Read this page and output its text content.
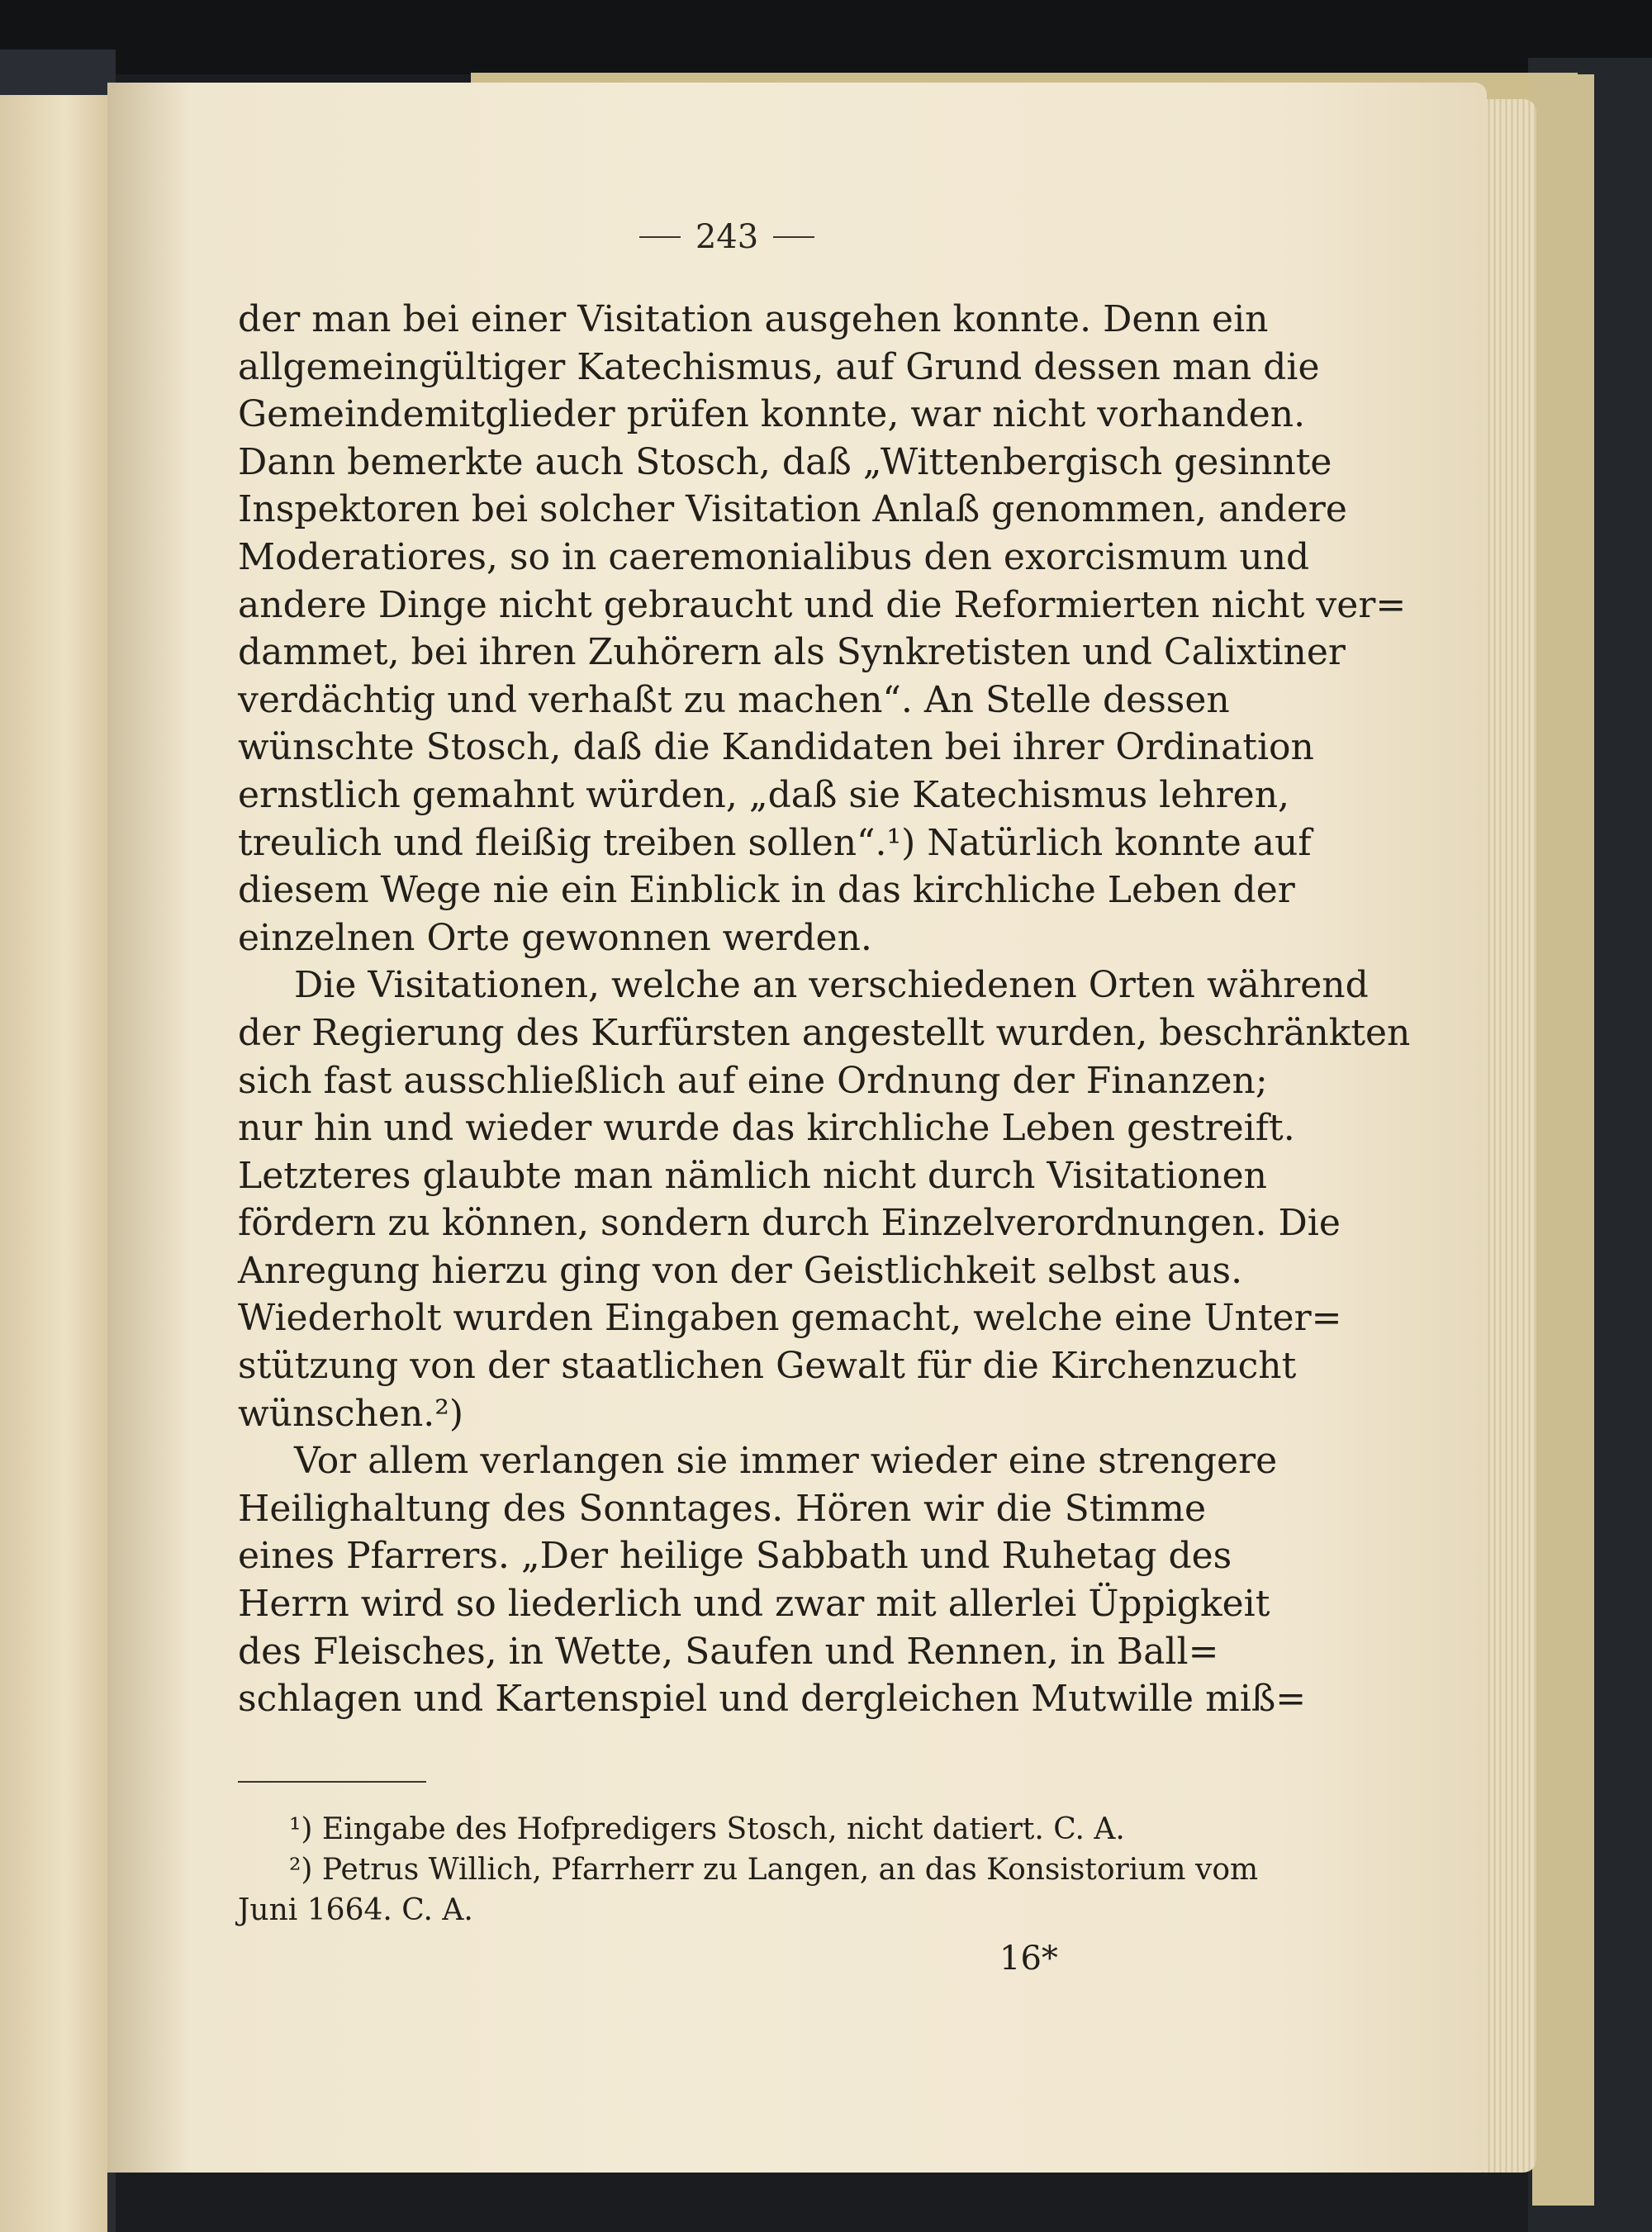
243
der man bei einer Visitation ausgehen konnte. Denn ein
allgemeingültiger Katechismus, auf Grund dessen man die
Gemeindemitglieder prüfen konnte, war nicht vorhanden.
Dann bemerkte auch Stosch, daß „Wittenbergisch gesinnte
Inspektoren bei solcher Visitation Anlaß genommen, andere
Moderatiores, so in caeremonialibus den exorcismum und
andere Dinge nicht gebraucht und die Reformierten nicht ver=
dammet, bei ihren Zuhörern als Synkretisten und Calixtiner
verdächtig und verhaßt zu machen“. An Stelle dessen
wünschte Stosch, daß die Kandidaten bei ihrer Ordination
ernstlich gemahnt würden, „daß sie Katechismus lehren,
treulich und fleißig treiben sollen“.¹) Natürlich konnte auf
diesem Wege nie ein Einblick in das kirchliche Leben der
einzelnen Orte gewonnen werden.
Die Visitationen, welche an verschiedenen Orten während
der Regierung des Kurfürsten angestellt wurden, beschränkten
sich fast ausschließlich auf eine Ordnung der Finanzen;
nur hin und wieder wurde das kirchliche Leben gestreift.
Letzteres glaubte man nämlich nicht durch Visitationen
fördern zu können, sondern durch Einzelverordnungen. Die
Anregung hierzu ging von der Geistlichkeit selbst aus.
Wiederholt wurden Eingaben gemacht, welche eine Unter=
stützung von der staatlichen Gewalt für die Kirchenzucht
wünschen.²)
Vor allem verlangen sie immer wieder eine strengere
Heilighaltung des Sonntages. Hören wir die Stimme
eines Pfarrers. „Der heilige Sabbath und Ruhetag des
Herrn wird so liederlich und zwar mit allerlei Üppigkeit
des Fleisches, in Wette, Saufen und Rennen, in Ball=
schlagen und Kartenspiel und dergleichen Mutwille miß=
¹) Eingabe des Hofpredigers Stosch, nicht datiert. C. A.
²) Petrus Willich, Pfarrherr zu Langen, an das Konsistorium vom
Juni 1664. C. A.
16*
